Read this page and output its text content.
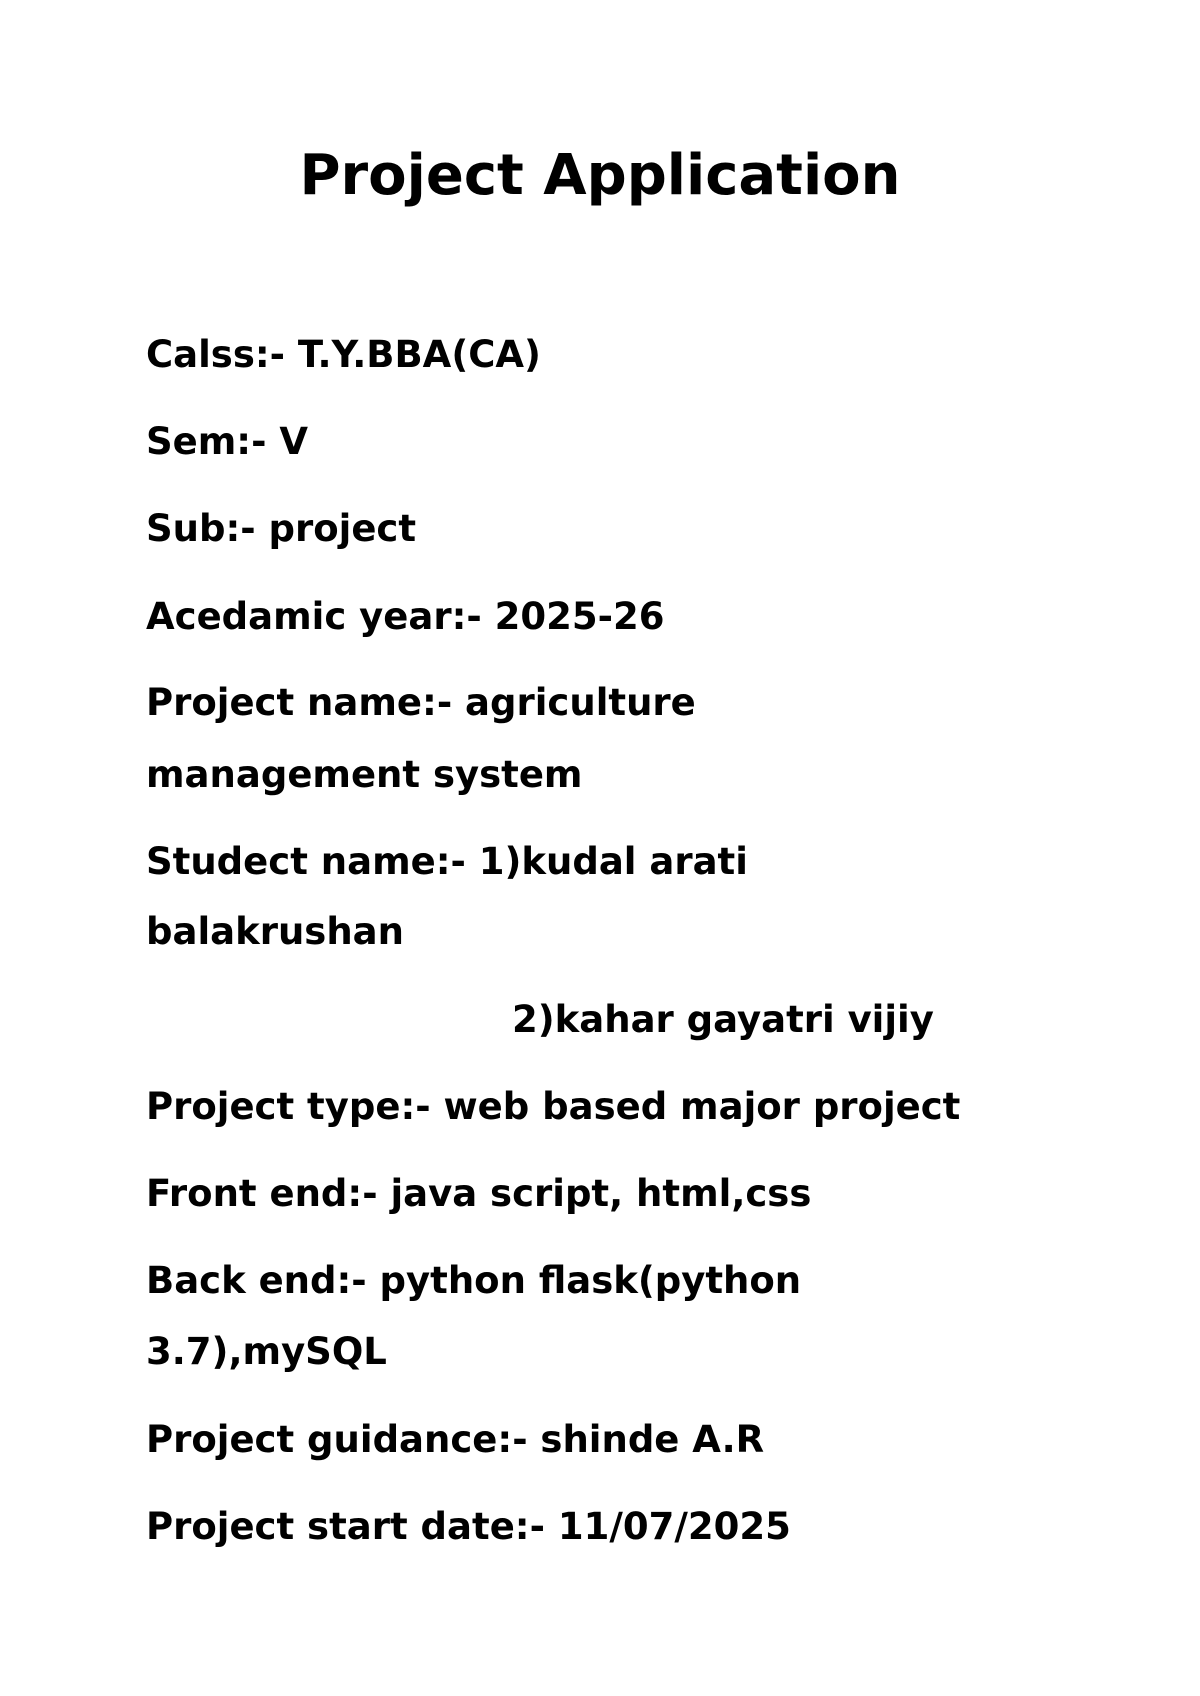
Project Application

Calss:- T.Y.BBA(CA)

Sem:- V

Sub:- project

Acedamic year:- 2025-26

Project name:- agriculture

management system

Studect name:- 1)kudal arati

balakrushan

2)kahar gayatri vijiy

Project type:- web based major project

Front end:- java script, html,css

Back end:- python flask(python

3.7),mySQL

Project guidance:- shinde A.R

Project start date:- 11/07/2025
